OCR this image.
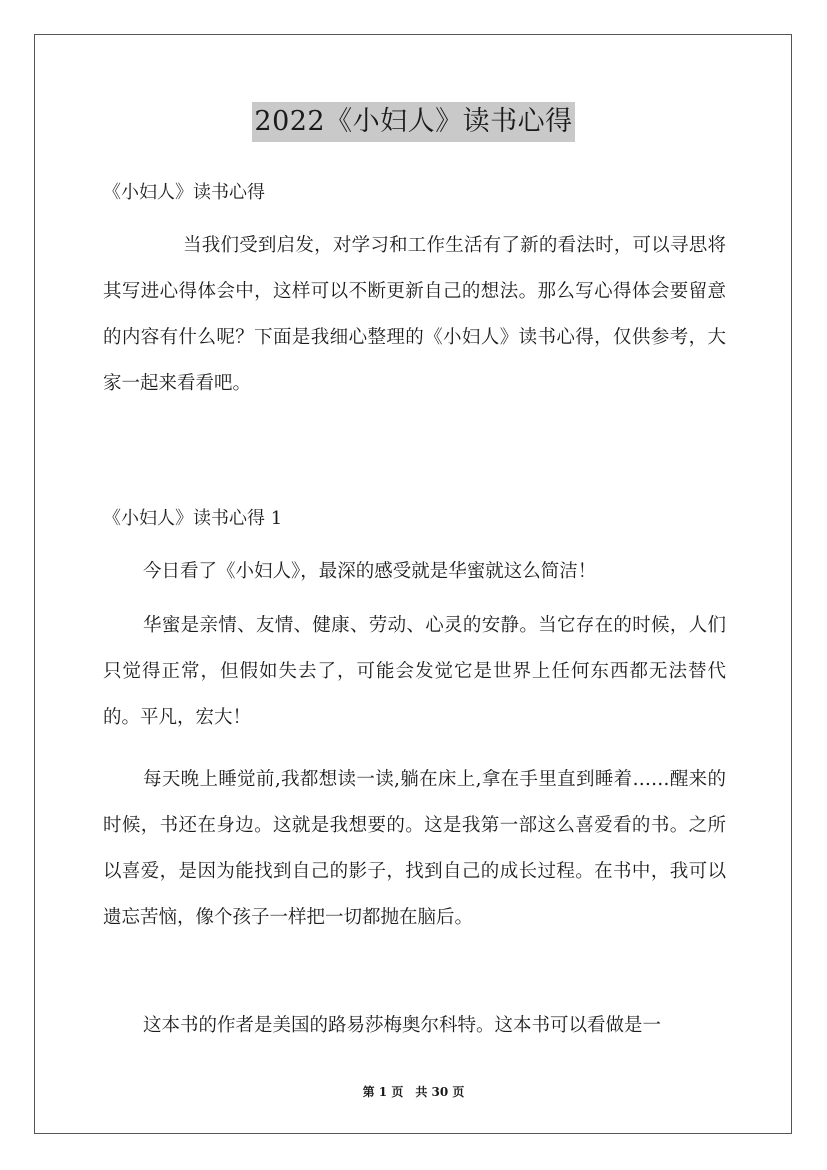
2022《小妇人》读书心得
《小妇人》读书心得

当我们受到启发，对学习和工作生活有了新的看法时，可以寻思将其写进心得体会中，这样可以不断更新自己的想法。那么写心得体会要留意的内容有什么呢？下面是我细心整理的《小妇人》读书心得，仅供参考，大家一起来看看吧。

《小妇人》读书心得 1

今日看了《小妇人》，最深的感受就是华蜜就这么简洁！

华蜜是亲情、友情、健康、劳动、心灵的安静。当它存在的时候，人们只觉得正常，但假如失去了，可能会发觉它是世界上任何东西都无法替代的。平凡，宏大！

每天晚上睡觉前,我都想读一读,躺在床上,拿在手里直到睡着……醒来的时候，书还在身边。这就是我想要的。这是我第一部这么喜爱看的书。之所以喜爱，是因为能找到自己的影子，找到自己的成长过程。在书中，我可以遗忘苦恼，像个孩子一样把一切都抛在脑后。

这本书的作者是美国的路易莎梅奥尔科特。这本书可以看做是一

第 1 页　共 30 页
